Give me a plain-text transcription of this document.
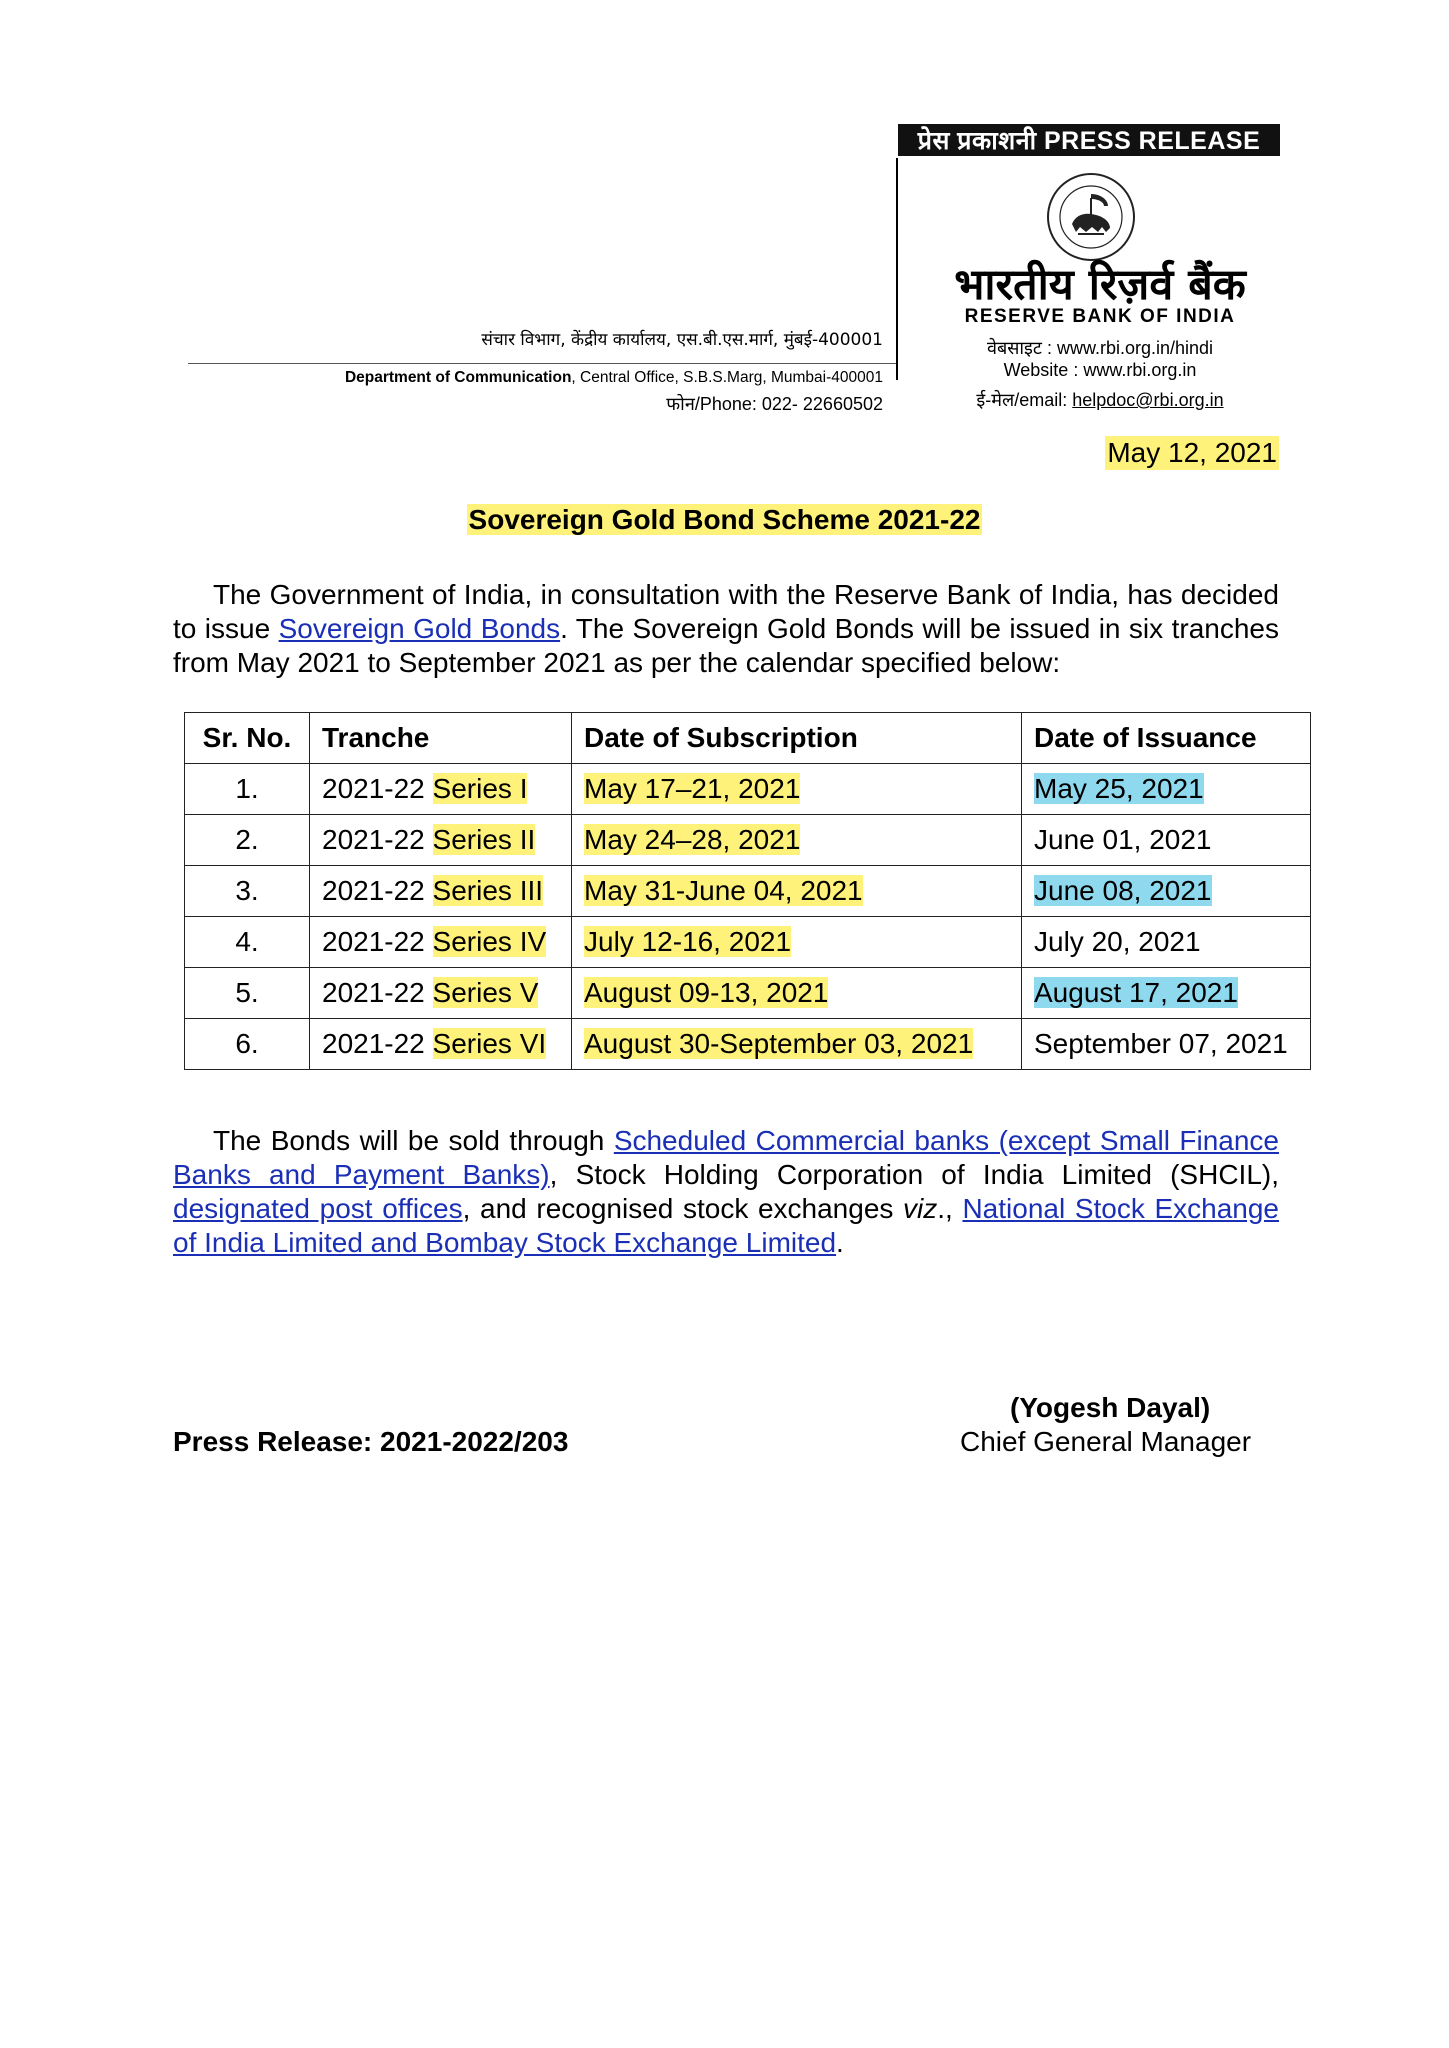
प्रेस प्रकाशनी PRESS RELEASE
भारतीय रिज़र्व बैंक
RESERVE BANK OF INDIA
वेबसाइट : www.rbi.org.in/hindi
Website : www.rbi.org.in
ई-मेल/email: helpdoc@rbi.org.in
संचार विभाग, केंद्रीय कार्यालय, एस.बी.एस.मार्ग, मुंबई-400001
Department of Communication, Central Office, S.B.S.Marg, Mumbai-400001
फोन/Phone: 022- 22660502
May 12, 2021
Sovereign Gold Bond Scheme 2021-22
The Government of India, in consultation with the Reserve Bank of India, has decided to issue Sovereign Gold Bonds. The Sovereign Gold Bonds will be issued in six tranches from May 2021 to September 2021 as per the calendar specified below:
Sr. No.	Tranche	Date of Subscription	Date of Issuance
1.	2021-22 Series I	May 17–21, 2021	May 25, 2021
2.	2021-22 Series II	May 24–28, 2021	June 01, 2021
3.	2021-22 Series III	May 31-June 04, 2021	June 08, 2021
4.	2021-22 Series IV	July 12-16, 2021	July 20, 2021
5.	2021-22 Series V	August 09-13, 2021	August 17, 2021
6.	2021-22 Series VI	August 30-September 03, 2021	September 07, 2021
The Bonds will be sold through Scheduled Commercial banks (except Small Finance Banks and Payment Banks), Stock Holding Corporation of India Limited (SHCIL), designated post offices, and recognised stock exchanges viz., National Stock Exchange of India Limited and Bombay Stock Exchange Limited.
(Yogesh Dayal)
Chief General Manager
Press Release: 2021-2022/203
